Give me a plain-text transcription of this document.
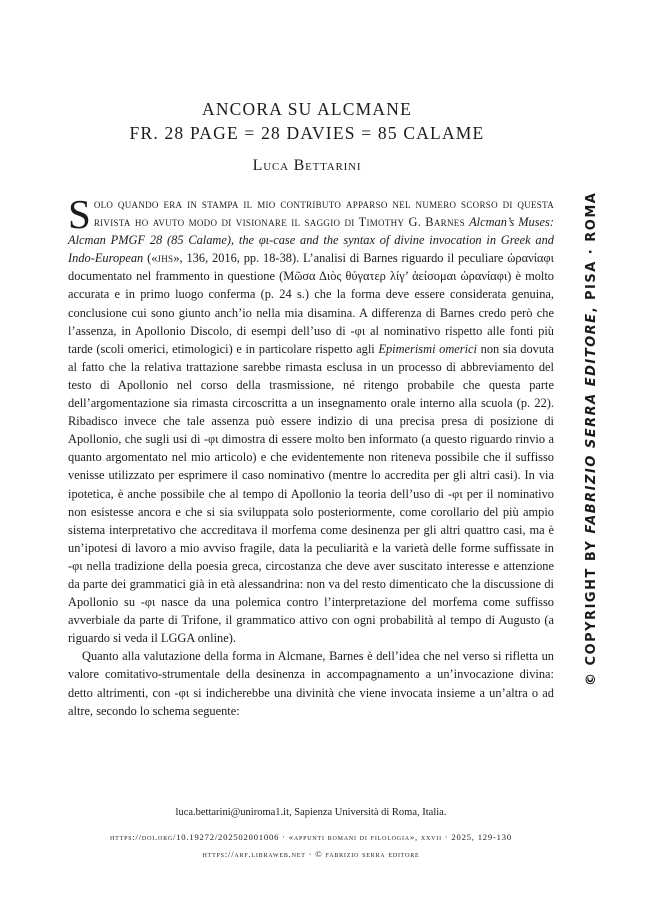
ANCORA SU ALCMANE
FR. 28 PAGE = 28 DAVIES = 85 CALAME
Luca Bettarini

Solo quando era in stampa il mio contributo apparso nel numero scorso di questa rivista ho avuto modo di visionare il saggio di Timothy G. Barnes Alcman’s Muses: Alcman PMGF 28 (85 Calame), the φι-case and the syntax of divine invocation in Greek and Indo-European («jhs», 136, 2016, pp. 18-38). L’analisi di Barnes riguardo il peculiare ὠρανίαφι documentato nel frammento in questione (Μῶσα Διὸς θύγατερ λίγ’ ἀείσομαι ὠρανίαφι) è molto accurata e in primo luogo conferma (p. 24 s.) che la forma deve essere considerata genuina, conclusione cui sono giunto anch’io nella mia disamina. A differenza di Barnes credo però che l’assenza, in Apollonio Discolo, di esempi dell’uso di -φι al nominativo rispetto alle fonti più tarde (scoli omerici, etimologici) e in particolare rispetto agli Epimerismi omerici non sia dovuta al fatto che la relativa trattazione sarebbe rimasta esclusa in un processo di abbreviamento del testo di Apollonio nel corso della trasmissione, né ritengo probabile che questa parte dell’argomentazione sia rimasta circoscritta a un insegnamento orale interno alla scuola (p. 22). Ribadisco invece che tale assenza può essere indizio di una precisa presa di posizione di Apollonio, che sugli usi di -φι dimostra di essere molto ben informato (a questo riguardo rinvio a quanto argomentato nel mio articolo) e che evidentemente non riteneva possibile che il suffisso venisse utilizzato per esprimere il caso nominativo (mentre lo accredita per gli altri casi). In via ipotetica, è anche possibile che al tempo di Apollonio la teoria dell’uso di -φι per il nominativo non esistesse ancora e che si sia sviluppata solo posteriormente, come corollario del più ampio sistema interpretativo che accreditava il morfema come desinenza per gli altri quattro casi, ma è un’ipotesi di lavoro a mio avviso fragile, data la peculiarità e la varietà delle forme suffissate in -φι nella tradizione della poesia greca, circostanza che deve aver suscitato interesse e attenzione da parte dei grammatici già in età alessandrina: non va del resto dimenticato che la discussione di Apollonio su -φι nasce da una polemica contro l’interpretazione del morfema come suffisso avverbiale da parte di Trifone, il grammatico attivo con ogni probabilità al tempo di Augusto (a riguardo si veda il LGGA online).

Quanto alla valutazione della forma in Alcmane, Barnes è dell’idea che nel verso si rifletta un valore comitativo-strumentale della desinenza in accompagnamento a un’invocazione divina: detto altrimenti, con -φι si indicherebbe una divinità che viene invocata insieme a un’altra o ad altre, secondo lo schema seguente:

luca.bettarini@uniroma1.it, Sapienza Università di Roma, Italia.
https://doi.org/10.19272/202502001006 · «appunti romani di filologia», xxvii · 2025, 129-130
https://arf.libraweb.net · © fabrizio serra editore
© COPYRIGHT BY FABRIZIO SERRA EDITORE, PISA · ROMA
